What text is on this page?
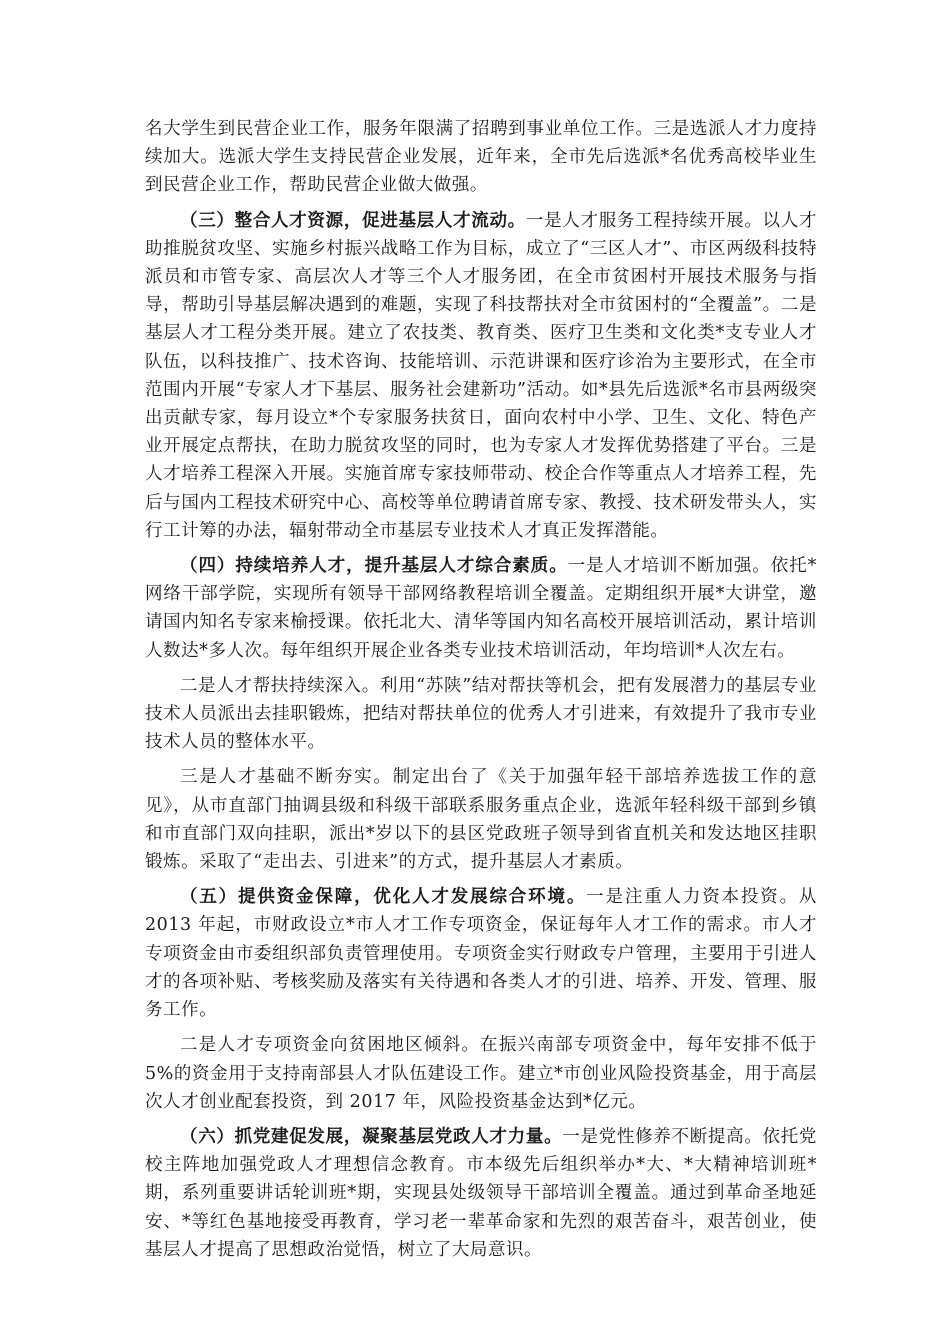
名大学生到民营企业工作，服务年限满了招聘到事业单位工作。三是选派人才力度持续加大。选派大学生支持民营企业发展，近年来，全市先后选派*名优秀高校毕业生到民营企业工作，帮助民营企业做大做强。

（三）整合人才资源，促进基层人才流动。一是人才服务工程持续开展。以人才助推脱贫攻坚、实施乡村振兴战略工作为目标，成立了“三区人才”、市区两级科技特派员和市管专家、高层次人才等三个人才服务团，在全市贫困村开展技术服务与指导，帮助引导基层解决遇到的难题，实现了科技帮扶对全市贫困村的“全覆盖”。二是基层人才工程分类开展。建立了农技类、教育类、医疗卫生类和文化类*支专业人才队伍，以科技推广、技术咨询、技能培训、示范讲课和医疗诊治为主要形式，在全市范围内开展“专家人才下基层、服务社会建新功”活动。如*县先后选派*名市县两级突出贡献专家，每月设立*个专家服务扶贫日，面向农村中小学、卫生、文化、特色产业开展定点帮扶，在助力脱贫攻坚的同时，也为专家人才发挥优势搭建了平台。三是人才培养工程深入开展。实施首席专家技师带动、校企合作等重点人才培养工程，先后与国内工程技术研究中心、高校等单位聘请首席专家、教授、技术研发带头人，实行工计筹的办法，辐射带动全市基层专业技术人才真正发挥潜能。

（四）持续培养人才，提升基层人才综合素质。一是人才培训不断加强。依托*网络干部学院，实现所有领导干部网络教程培训全覆盖。定期组织开展*大讲堂，邀请国内知名专家来榆授课。依托北大、清华等国内知名高校开展培训活动，累计培训人数达*多人次。每年组织开展企业各类专业技术培训活动，年均培训*人次左右。

二是人才帮扶持续深入。利用“苏陕”结对帮扶等机会，把有发展潜力的基层专业技术人员派出去挂职锻炼，把结对帮扶单位的优秀人才引进来，有效提升了我市专业技术人员的整体水平。

三是人才基础不断夯实。制定出台了《关于加强年轻干部培养选拔工作的意见》，从市直部门抽调县级和科级干部联系服务重点企业，选派年轻科级干部到乡镇和市直部门双向挂职，派出*岁以下的县区党政班子领导到省直机关和发达地区挂职锻炼。采取了“走出去、引进来”的方式，提升基层人才素质。

（五）提供资金保障，优化人才发展综合环境。一是注重人力资本投资。从 2013 年起，市财政设立*市人才工作专项资金，保证每年人才工作的需求。市人才专项资金由市委组织部负责管理使用。专项资金实行财政专户管理，主要用于引进人才的各项补贴、考核奖励及落实有关待遇和各类人才的引进、培养、开发、管理、服务工作。

二是人才专项资金向贫困地区倾斜。在振兴南部专项资金中，每年安排不低于 5%的资金用于支持南部县人才队伍建设工作。建立*市创业风险投资基金，用于高层次人才创业配套投资，到 2017 年，风险投资基金达到*亿元。

（六）抓党建促发展，凝聚基层党政人才力量。一是党性修养不断提高。依托党校主阵地加强党政人才理想信念教育。市本级先后组织举办*大、*大精神培训班*期，系列重要讲话轮训班*期，实现县处级领导干部培训全覆盖。通过到革命圣地延安、*等红色基地接受再教育，学习老一辈革命家和先烈的艰苦奋斗，艰苦创业，使基层人才提高了思想政治觉悟，树立了大局意识。
